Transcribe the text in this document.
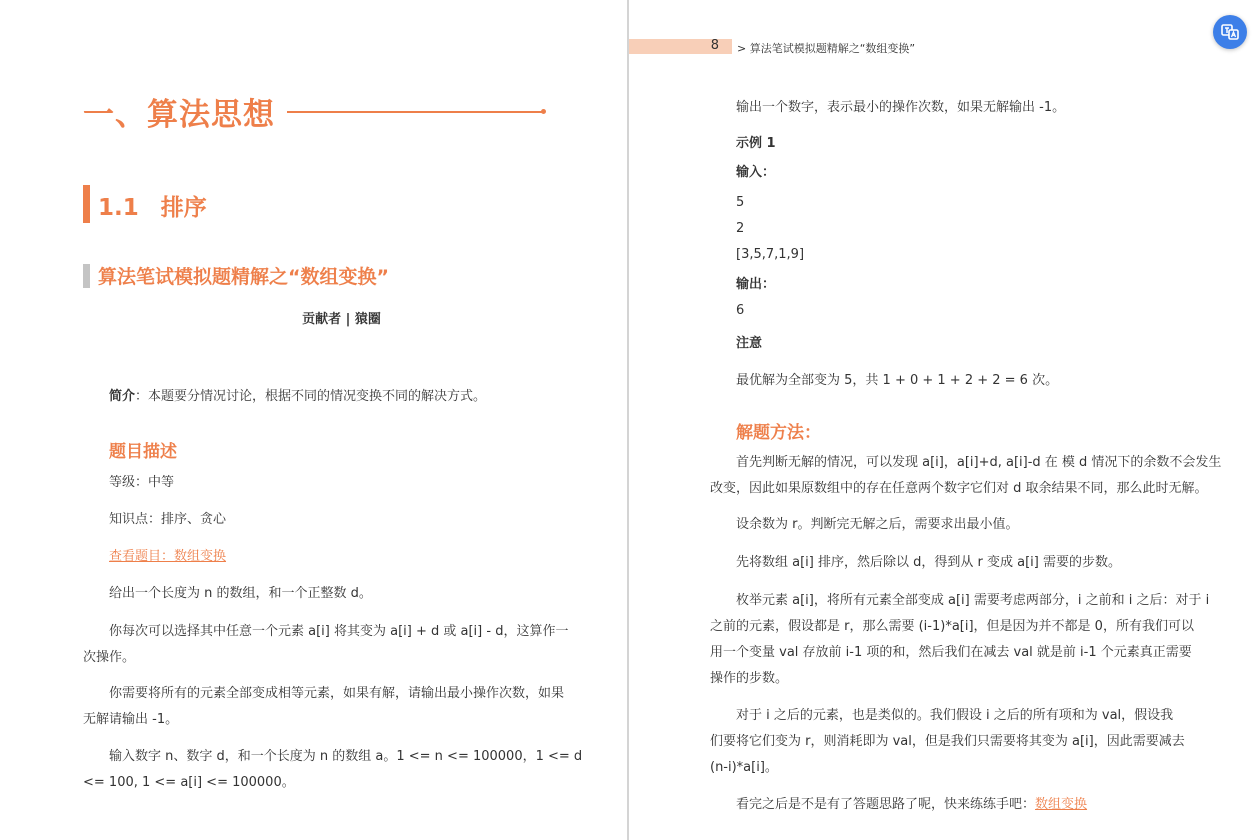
一、算法思想
1.1 排序
算法笔试模拟题精解之“数组变换”
贡献者 | 猿圈
简介：本题要分情况讨论，根据不同的情况变换不同的解决方式。
题目描述
等级：中等
知识点：排序、贪心
查看题目：数组变换
给出一个长度为 n 的数组，和一个正整数 d。
你每次可以选择其中任意一个元素 a[i] 将其变为 a[i] + d 或 a[i] - d，这算作一
次操作。
你需要将所有的元素全部变成相等元素，如果有解，请输出最小操作次数，如果
无解请输出 -1。
输入数字 n、数字 d，和一个长度为 n 的数组 a。1 <= n <= 100000，1 <= d
<= 100, 1 <= a[i] <= 100000。
8 > 算法笔试模拟题精解之“数组变换”
输出一个数字，表示最小的操作次数，如果无解输出 -1。
示例 1
输入：
5
2
[3,5,7,1,9]
输出：
6
注意
最优解为全部变为 5，共 1 + 0 + 1 + 2 + 2 = 6 次。
解题方法：
首先判断无解的情况，可以发现 a[i]，a[i]+d, a[i]-d 在 模 d 情况下的余数不会发生
改变，因此如果原数组中的存在任意两个数字它们对 d 取余结果不同，那么此时无解。
设余数为 r。判断完无解之后，需要求出最小值。
先将数组 a[i] 排序，然后除以 d，得到从 r 变成 a[i] 需要的步数。
枚举元素 a[i]，将所有元素全部变成 a[i] 需要考虑两部分，i 之前和 i 之后：对于 i
之前的元素，假设都是 r，那么需要 (i-1)*a[i]，但是因为并不都是 0，所有我们可以
用一个变量 val 存放前 i-1 项的和，然后我们在减去 val 就是前 i-1 个元素真正需要
操作的步数。
对于 i 之后的元素，也是类似的。我们假设 i 之后的所有项和为 val，假设我
们要将它们变为 r，则消耗即为 val，但是我们只需要将其变为 a[i]，因此需要减去
(n-i)*a[i]。
看完之后是不是有了答题思路了呢，快来练练手吧：数组变换
